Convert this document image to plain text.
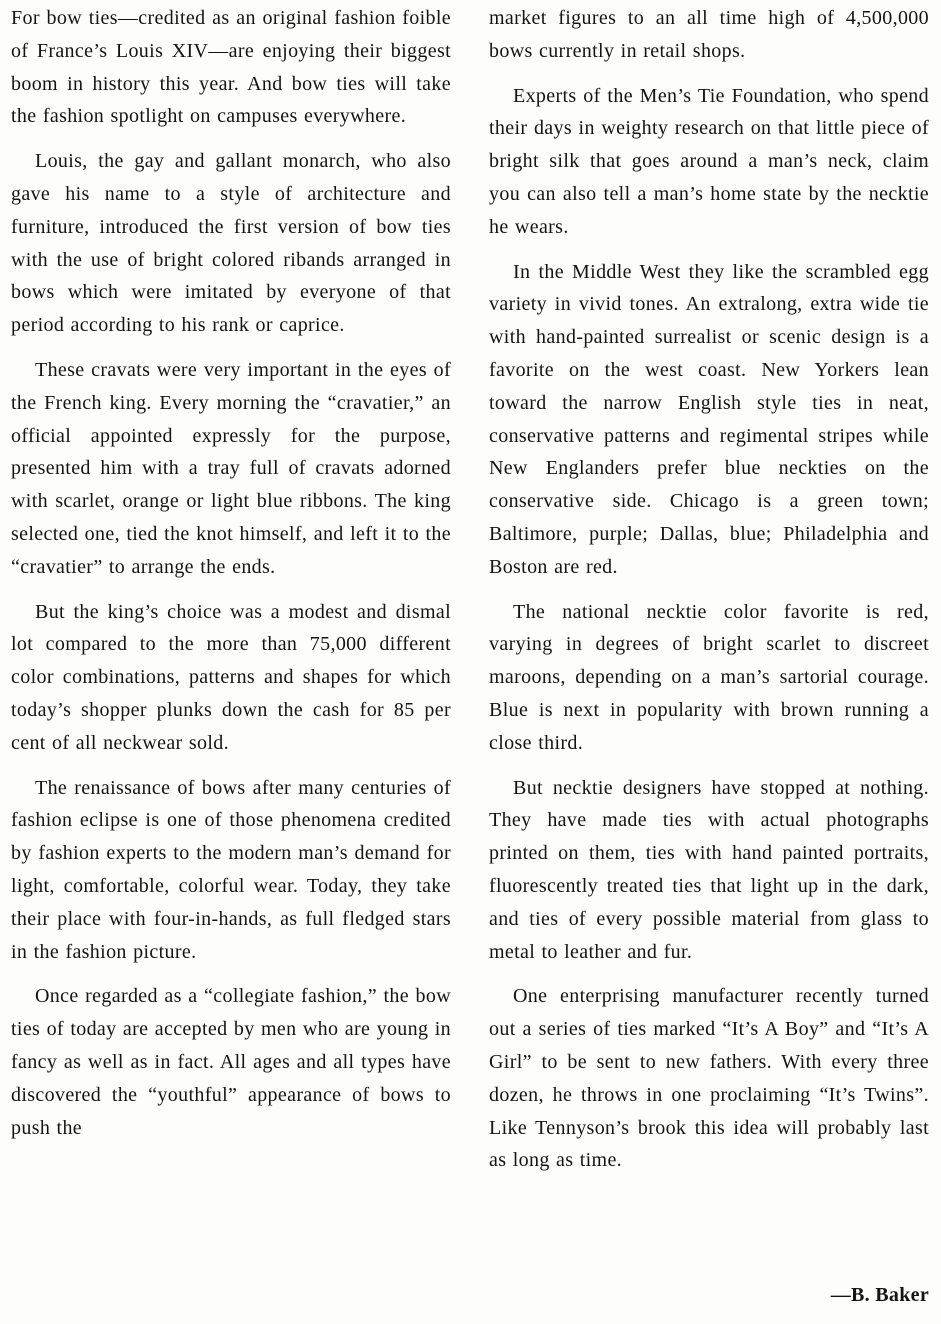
For bow ties—credited as an original fashion foible of France’s Louis XIV—are enjoying their biggest boom in history this year. And bow ties will take the fashion spotlight on campuses everywhere.

Louis, the gay and gallant monarch, who also gave his name to a style of architecture and furniture, introduced the first version of bow ties with the use of bright colored ribands arranged in bows which were imitated by everyone of that period according to his rank or caprice.

These cravats were very important in the eyes of the French king. Every morning the “cravatier,” an official appointed expressly for the purpose, presented him with a tray full of cravats adorned with scarlet, orange or light blue ribbons. The king selected one, tied the knot himself, and left it to the “cravatier” to arrange the ends.

But the king’s choice was a modest and dismal lot compared to the more than 75,000 different color combinations, patterns and shapes for which today’s shopper plunks down the cash for 85 per cent of all neckwear sold.

The renaissance of bows after many centuries of fashion eclipse is one of those phenomena credited by fashion experts to the modern man’s demand for light, comfortable, colorful wear. Today, they take their place with four-in-hands, as full fledged stars in the fashion picture.

Once regarded as a “collegiate fashion,” the bow ties of today are accepted by men who are young in fancy as well as in fact. All ages and all types have discovered the “youthful” appearance of bows to push the

market figures to an all time high of 4,500,000 bows currently in retail shops.

Experts of the Men’s Tie Foundation, who spend their days in weighty research on that little piece of bright silk that goes around a man’s neck, claim you can also tell a man’s home state by the necktie he wears.

In the Middle West they like the scrambled egg variety in vivid tones. An extralong, extra wide tie with hand-painted surrealist or scenic design is a favorite on the west coast. New Yorkers lean toward the narrow English style ties in neat, conservative patterns and regimental stripes while New Englanders prefer blue neckties on the conservative side. Chicago is a green town; Baltimore, purple; Dallas, blue; Philadelphia and Boston are red.

The national necktie color favorite is red, varying in degrees of bright scarlet to discreet maroons, depending on a man’s sartorial courage. Blue is next in popularity with brown running a close third.

But necktie designers have stopped at nothing. They have made ties with actual photographs printed on them, ties with hand painted portraits, fluorescently treated ties that light up in the dark, and ties of every possible material from glass to metal to leather and fur.

One enterprising manufacturer recently turned out a series of ties marked “It’s A Boy” and “It’s A Girl” to be sent to new fathers. With every three dozen, he throws in one proclaiming “It’s Twins”. Like Tennyson’s brook this idea will probably last as long as time.

—B. Baker
